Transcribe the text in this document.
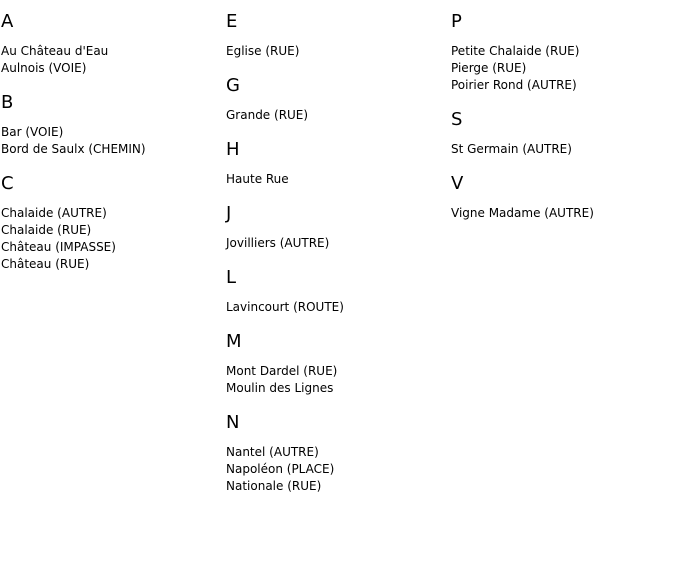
A
Au Château d'Eau
Aulnois (VOIE)
B
Bar (VOIE)
Bord de Saulx (CHEMIN)
C
Chalaide (AUTRE)
Chalaide (RUE)
Château (IMPASSE)
Château (RUE)
E
Eglise (RUE)
G
Grande (RUE)
H
Haute Rue
J
Jovilliers (AUTRE)
L
Lavincourt (ROUTE)
M
Mont Dardel (RUE)
Moulin des Lignes
N
Nantel (AUTRE)
Napoléon (PLACE)
Nationale (RUE)
P
Petite Chalaide (RUE)
Pierge (RUE)
Poirier Rond (AUTRE)
S
St Germain (AUTRE)
V
Vigne Madame (AUTRE)
